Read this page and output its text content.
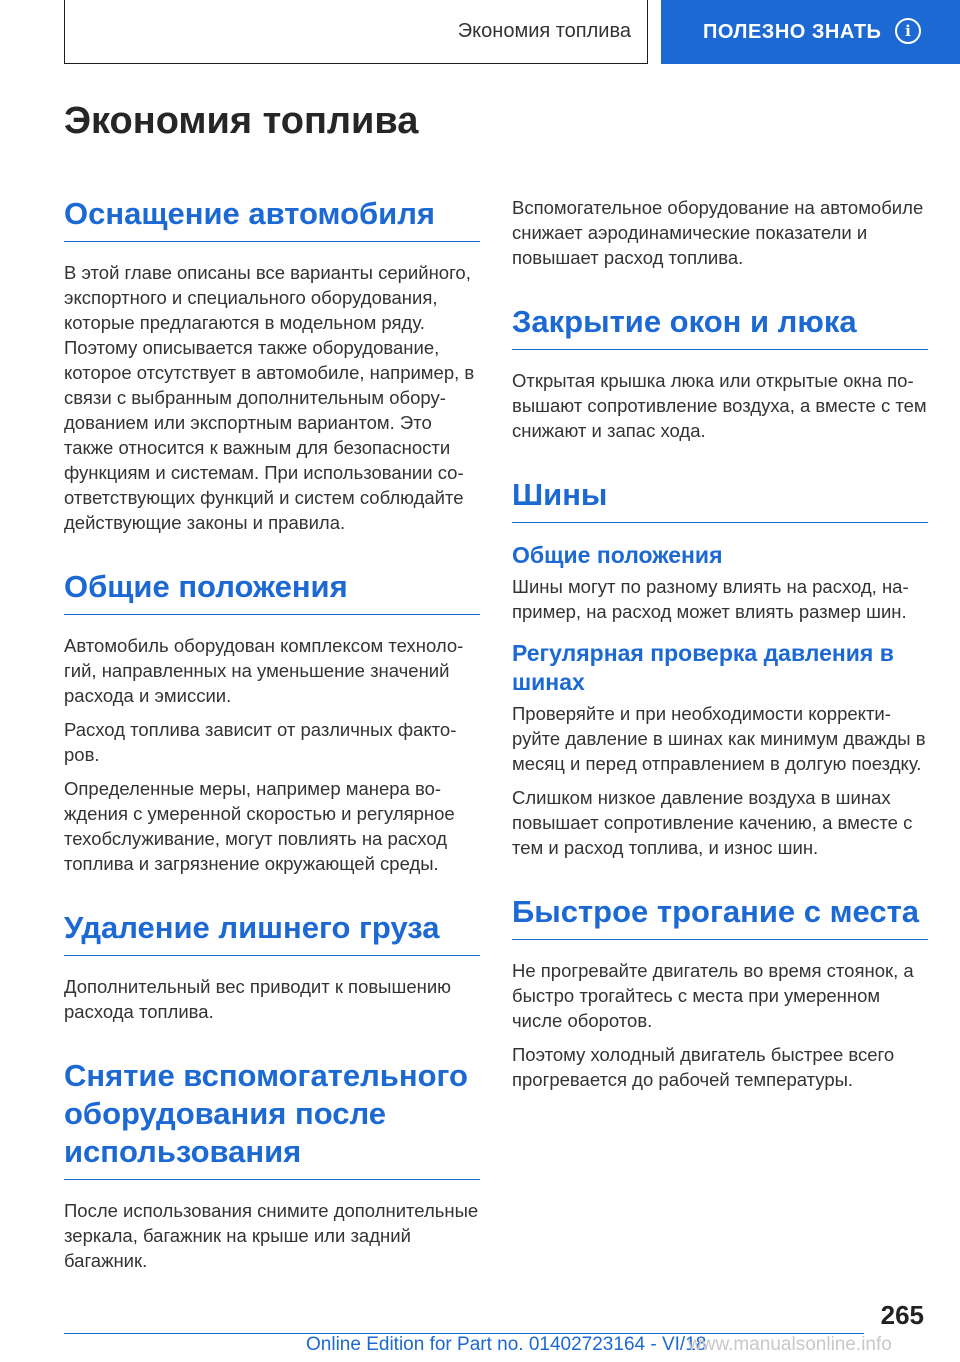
Экономия топлива	ПОЛЕЗНО ЗНАТЬ	i
Экономия топлива
Оснащение автомобиля

В этой главе описаны все варианты серийного, экспортного и специального оборудования, которые предлагаются в модельном ряду. Поэтому описывается также оборудование, которое отсутствует в автомобиле, например, в связи с выбранным дополнительным оборудованием или экспортным вариантом. Это также относится к важным для безопасности функциям и системам. При использовании соответствующих функций и систем соблюдайте действующие законы и правила.

Общие положения

Автомобиль оборудован комплексом технологий, направленных на уменьшение значений расхода и эмиссии.

Расход топлива зависит от различных факторов.

Определенные меры, например манера вождения с умеренной скоростью и регулярное техобслуживание, могут повлиять на расход топлива и загрязнение окружающей среды.

Удаление лишнего груза

Дополнительный вес приводит к повышению расхода топлива.

Снятие вспомогательного оборудования после использования

После использования снимите дополнительные зеркала, багажник на крыше или задний багажник.

Вспомогательное оборудование на автомобиле снижает аэродинамические показатели и повышает расход топлива.

Закрытие окон и люка

Открытая крышка люка или открытые окна повышают сопротивление воздуха, а вместе с тем снижают и запас хода.

Шины
Общие положения

Шины могут по разному влиять на расход, например, на расход может влиять размер шин.

Регулярная проверка давления в шинах

Проверяйте и при необходимости корректируйте давление в шинах как минимум дважды в месяц и перед отправлением в долгую поездку.

Слишком низкое давление воздуха в шинах повышает сопротивление качению, а вместе с тем и расход топлива, и износ шин.

Быстрое трогание с места

Не прогревайте двигатель во время стоянок, а быстро трогайтесь с места при умеренном числе оборотов.

Поэтому холодный двигатель быстрее всего прогревается до рабочей температуры.

265
Online Edition for Part no. 01402723164 - VI/18
www.manualsonline.info
